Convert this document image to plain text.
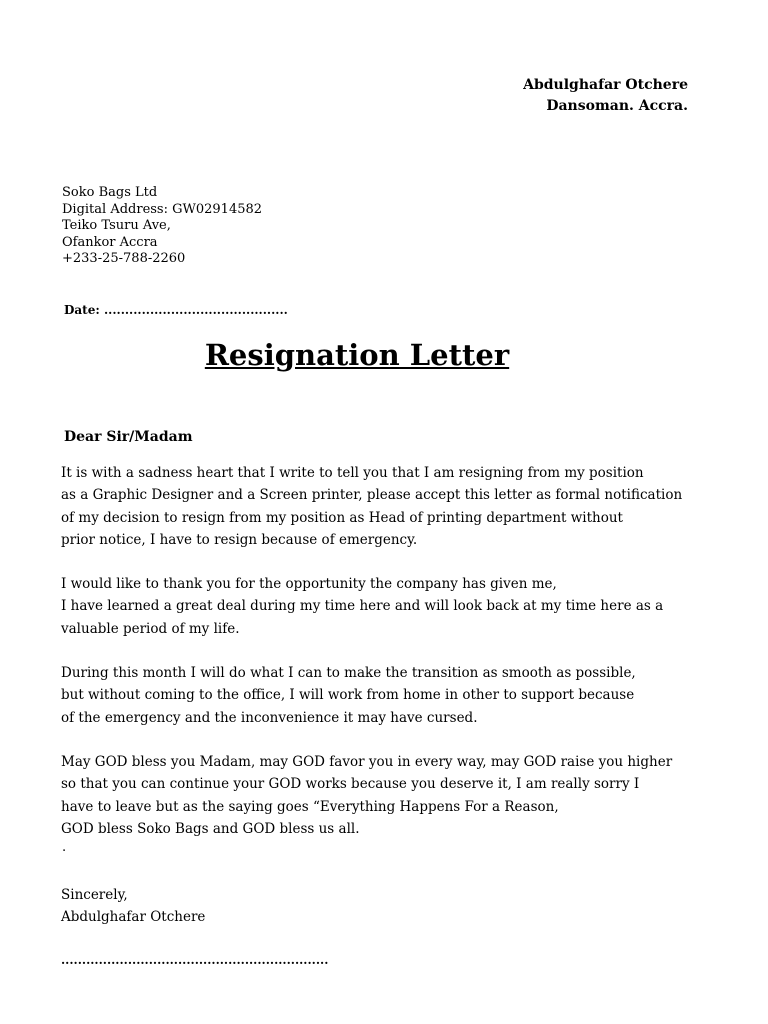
Abdulghafar Otchere
Dansoman. Accra.
Soko Bags Ltd
Digital Address: GW02914582
Teiko Tsuru Ave,
Ofankor Accra
+233-25-788-2260
Date: ............................................
Resignation Letter
Dear Sir/Madam
It is with a sadness heart that I write to tell you that I am resigning from my position
as a Graphic Designer and a Screen printer, please accept this letter as formal notification
of my decision to resign from my position as Head of printing department without
prior notice, I have to resign because of emergency.
I would like to thank you for the opportunity the company has given me,
I have learned a great deal during my time here and will look back at my time here as a
valuable period of my life.
During this month I will do what I can to make the transition as smooth as possible,
but without coming to the office, I will work from home in other to support because
of the emergency and the inconvenience it may have cursed.
May GOD bless you Madam, may GOD favor you in every way, may GOD raise you higher
so that you can continue your GOD works because you deserve it, I am really sorry I
have to leave but as the saying goes “Everything Happens For a Reason,
GOD bless Soko Bags and GOD bless us all.
.
Sincerely,
Abdulghafar Otchere
................................................................
